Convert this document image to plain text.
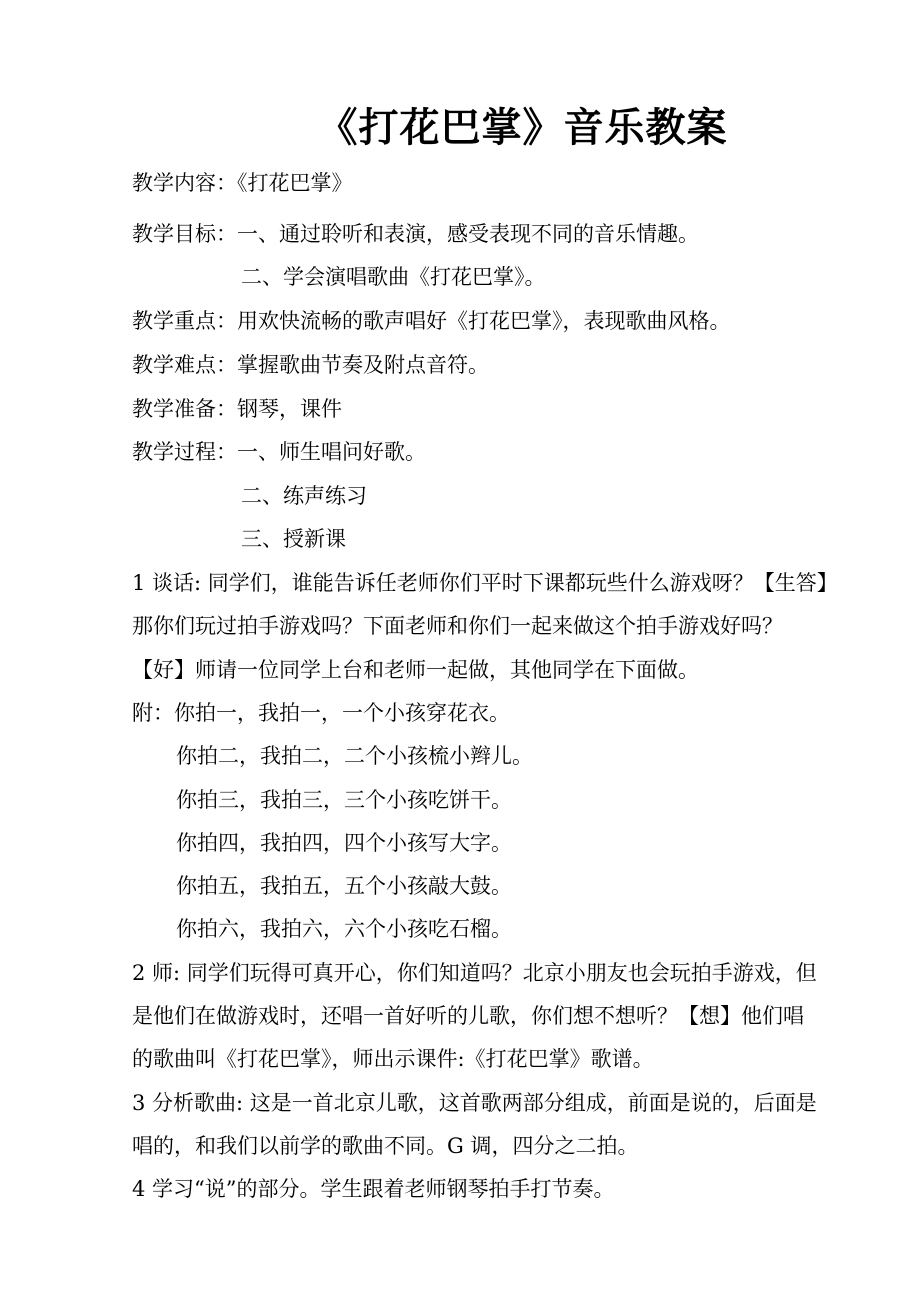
《打花巴掌》音乐教案
教学内容：《打花巴掌》
教学目标：一、通过聆听和表演，感受表现不同的音乐情趣。
二、学会演唱歌曲《打花巴掌》。
教学重点：用欢快流畅的歌声唱好《打花巴掌》，表现歌曲风格。
教学难点：掌握歌曲节奏及附点音符。
教学准备：钢琴，课件
教学过程：一、师生唱问好歌。
二、练声练习
三、授新课
1 谈话: 同学们，谁能告诉任老师你们平时下课都玩些什么游戏呀？【生答】
那你们玩过拍手游戏吗？下面老师和你们一起来做这个拍手游戏好吗？
【好】师请一位同学上台和老师一起做，其他同学在下面做。
附：你拍一，我拍一，一个小孩穿花衣。
你拍二，我拍二，二个小孩梳小辫儿。
你拍三，我拍三，三个小孩吃饼干。
你拍四，我拍四，四个小孩写大字。
你拍五，我拍五，五个小孩敲大鼓。
你拍六，我拍六，六个小孩吃石榴。
2 师: 同学们玩得可真开心，你们知道吗？北京小朋友也会玩拍手游戏，但
是他们在做游戏时，还唱一首好听的儿歌，你们想不想听？【想】他们唱
的歌曲叫《打花巴掌》，师出示课件:《打花巴掌》歌谱。
3 分析歌曲: 这是一首北京儿歌，这首歌两部分组成，前面是说的，后面是
唱的，和我们以前学的歌曲不同。G 调，四分之二拍。
4 学习“说”的部分。学生跟着老师钢琴拍手打节奏。
